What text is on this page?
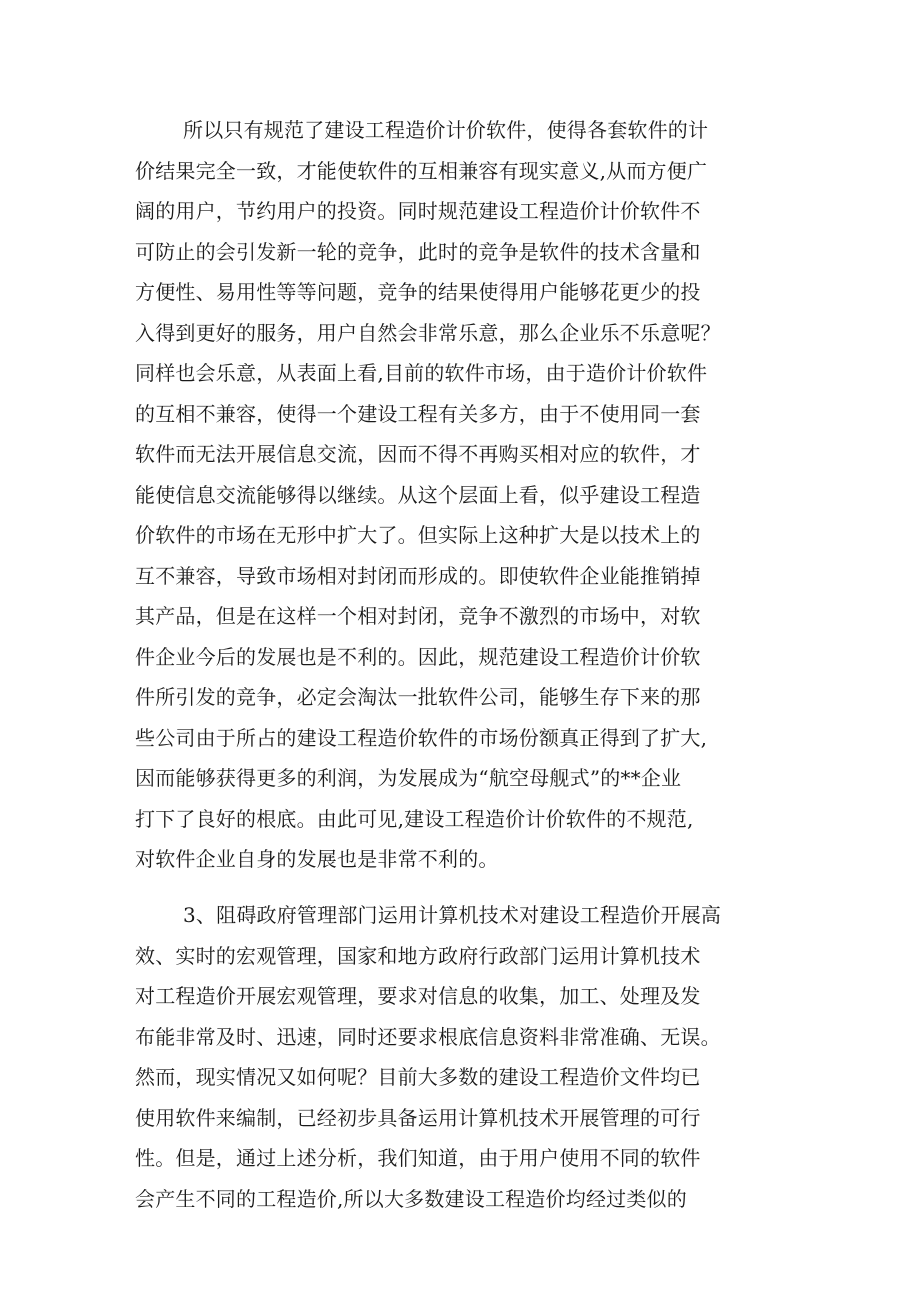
所以只有规范了建设工程造价计价软件，使得各套软件的计
价结果完全一致，才能使软件的互相兼容有现实意义,从而方便广
阔的用户，节约用户的投资。同时规范建设工程造价计价软件不
可防止的会引发新一轮的竞争，此时的竞争是软件的技术含量和
方便性、易用性等等问题，竞争的结果使得用户能够花更少的投
入得到更好的服务，用户自然会非常乐意，那么企业乐不乐意呢？
同样也会乐意，从表面上看,目前的软件市场，由于造价计价软件
的互相不兼容，使得一个建设工程有关多方，由于不使用同一套
软件而无法开展信息交流，因而不得不再购买相对应的软件，才
能使信息交流能够得以继续。从这个层面上看，似乎建设工程造
价软件的市场在无形中扩大了。但实际上这种扩大是以技术上的
互不兼容，导致市场相对封闭而形成的。即使软件企业能推销掉
其产品，但是在这样一个相对封闭，竞争不激烈的市场中，对软
件企业今后的发展也是不利的。因此，规范建设工程造价计价软
件所引发的竞争，必定会淘汰一批软件公司，能够生存下来的那
些公司由于所占的建设工程造价软件的市场份额真正得到了扩大,
因而能够获得更多的利润，为发展成为“航空母舰式”的**企业
打下了良好的根底。由此可见,建设工程造价计价软件的不规范,
对软件企业自身的发展也是非常不利的。
3、阻碍政府管理部门运用计算机技术对建设工程造价开展高
效、实时的宏观管理，国家和地方政府行政部门运用计算机技术
对工程造价开展宏观管理，要求对信息的收集，加工、处理及发
布能非常及时、迅速，同时还要求根底信息资料非常准确、无误。
然而，现实情况又如何呢？目前大多数的建设工程造价文件均已
使用软件来编制，已经初步具备运用计算机技术开展管理的可行
性。但是，通过上述分析，我们知道，由于用户使用不同的软件
会产生不同的工程造价,所以大多数建设工程造价均经过类似的
